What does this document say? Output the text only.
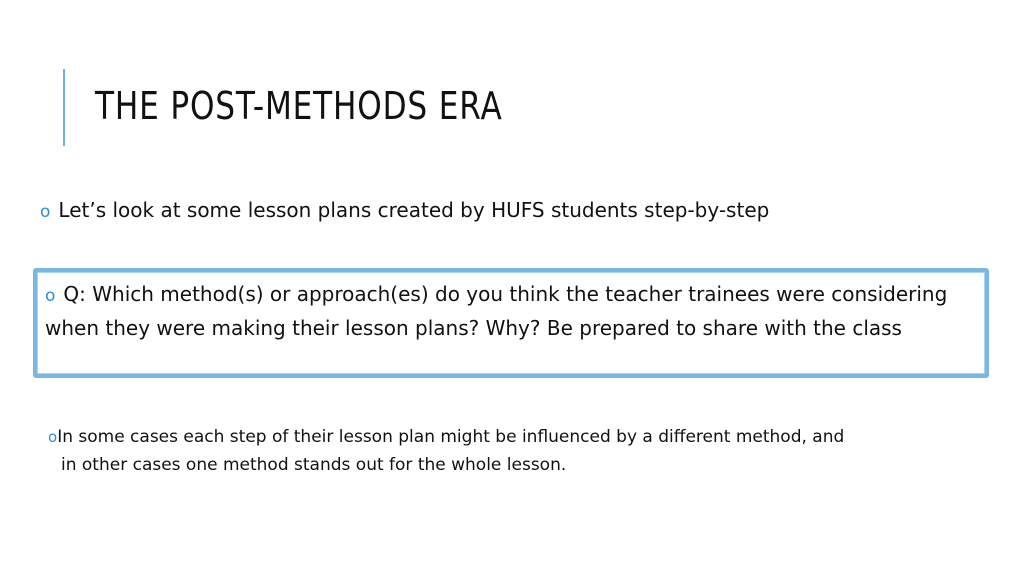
THE POST-METHODS ERA
o Let’s look at some lesson plans created by HUFS students step-by-step
o Q: Which method(s) or approach(es) do you think the teacher trainees were considering when they were making their lesson plans? Why? Be prepared to share with the class
oIn some cases each step of their lesson plan might be influenced by a different method, and
in other cases one method stands out for the whole lesson.
